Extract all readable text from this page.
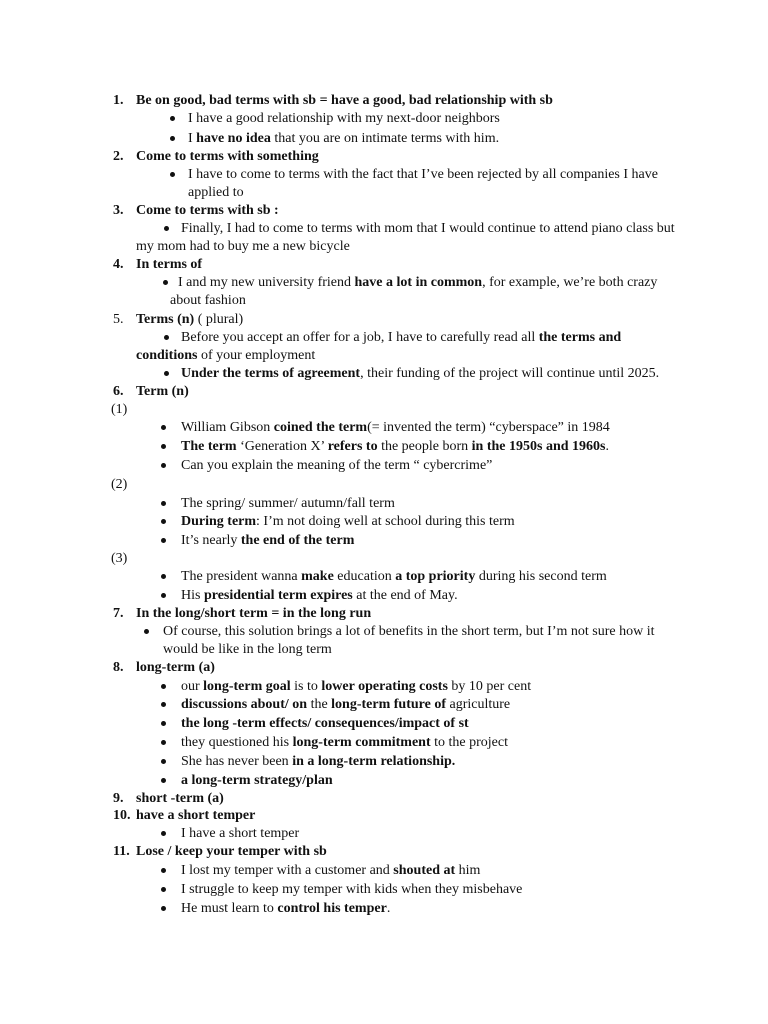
1. Be on good, bad terms with sb = have a good, bad relationship with sb
I have a good relationship with my next-door neighbors
I have no idea that you are on intimate terms with him.
2. Come to terms with something
I have to come to terms with the fact that I’ve been rejected by all companies I have
applied to
3. Come to terms with sb :
Finally, I had to come to terms with mom that I would continue to attend piano class but
my mom had to buy me a new bicycle
4. In terms of
I and my new university friend have a lot in common, for example, we’re both crazy
about fashion
5. Terms (n) ( plural)
Before you accept an offer for a job, I have to carefully read all the terms and
conditions of your employment
Under the terms of agreement, their funding of the project will continue until 2025.
6. Term (n)
(1)
William Gibson coined the term(= invented the term) “cyberspace” in 1984
The term ‘Generation X’ refers to the people born in the 1950s and 1960s.
Can you explain the meaning of the term “ cybercrime”
(2)
The spring/ summer/ autumn/fall term
During term: I’m not doing well at school during this term
It’s nearly the end of the term
(3)
The president wanna make education a top priority during his second term
His presidential term expires at the end of May.
7. In the long/short term = in the long run
Of course, this solution brings a lot of benefits in the short term, but I’m not sure how it
would be like in the long term
8. long-term (a)
our long-term goal is to lower operating costs by 10 per cent
discussions about/ on the long-term future of agriculture
the long -term effects/ consequences/impact of st
they questioned his long-term commitment to the project
She has never been in a long-term relationship.
a long-term strategy/plan
9. short -term (a)
10. have a short temper
I have a short temper
11. Lose / keep your temper with sb
I lost my temper with a customer and shouted at him
I struggle to keep my temper with kids when they misbehave
He must learn to control his temper.
